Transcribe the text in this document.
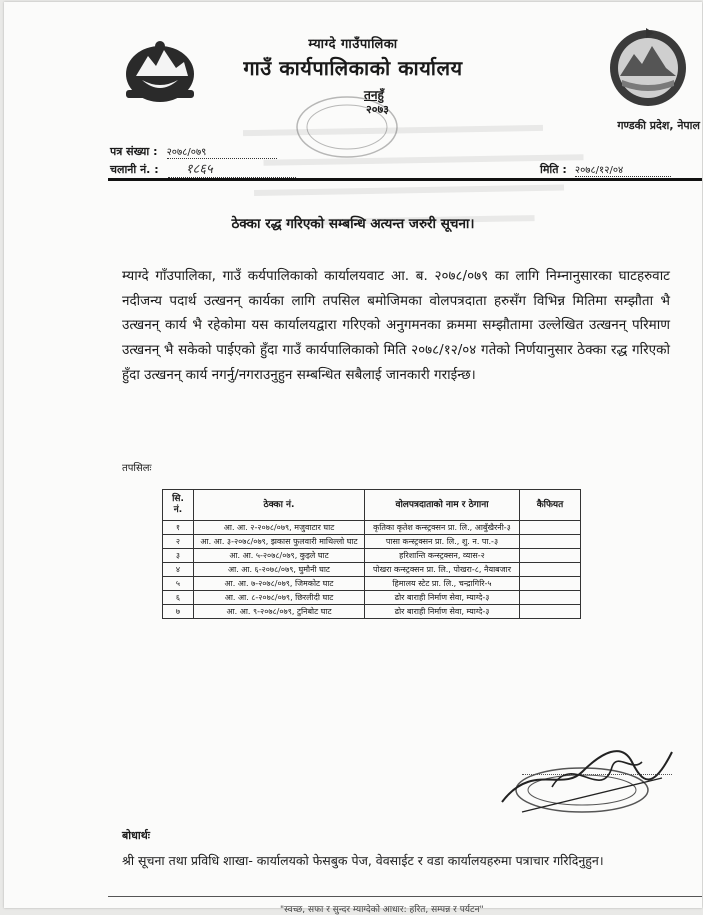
म्याग्दे गाउँपालिका
गाउँ कार्यपालिकाको कार्यालय
तनहुँ
२०७३
गण्डकी प्रदेश, नेपाल
पत्र संख्या : २०७८/०७९
चलानी नं. : १८६५	मिति : २०७८/१२/०४
ठेक्का रद्ध गरिएको सम्बन्धि अत्यन्त जरुरी सूचना।
म्याग्दे गाँउपालिका, गाउँ कर्यपालिकाको कार्यालयवाट आ. ब. २०७८/०७९ का लागि निम्नानुसारका घाटहरुवाट नदीजन्य पदार्थ उत्खनन् कार्यका लागि तपसिल बमोजिमका वोलपत्रदाता हरुसँग विभिन्न मितिमा सम्झौता भै उत्खनन् कार्य भै रहेकोमा यस कार्यालयद्वारा गरिएको अनुगमनका क्रममा सम्झौतामा उल्लेखित उत्खनन् परिमाण उत्खनन् भै सकेको पाईएको हुँदा गाउँ कार्यपालिकाको मिति २०७८/१२/०४ गतेको निर्णयानुसार ठेक्का रद्ध गरिएको हुँदा उत्खनन् कार्य नगर्नु/नगराउनुहुन सम्बन्धित सबैलाई जानकारी गराईन्छ।
तपसिलः
सि. नं.	ठेक्का नं.	वोलपत्रदाताको नाम र ठेगाना	कैफियत
१	आ. आ. २-२०७८/०७९, मजुवाटार घाट	कृतिका कृतेश कन्स्ट्रक्सन प्रा. लि., आबुँखैरनी-३	
२	आ. आ. ३-२०७८/०७९, झकास फुलवारी माथिल्लो घाट	पासा कन्स्ट्रक्सन प्रा. लि., शु. न. पा.-३	
३	आ. आ. ५-२०७८/०७९, कुइले घाट	हरिशान्ति कन्स्ट्रक्सन, व्यास-२	
४	आ. आ. ६-२०७८/०७९, घुमौनी घाट	पोखरा कन्स्ट्रक्सन प्रा. लि., पोखरा-८, नैयाबजार	
५	आ. आ. ७-२०७८/०७९, जिमकोट घाट	हिमालय स्टेट प्रा. लि., चन्द्रागिरि-५	
६	आ. आ. ८-२०७८/०७९, छिरलीदी घाट	ढोर बाराही निर्माण सेवा, म्याग्दे-३	
७	आ. आ. ९-२०७८/०७९, टुनिबोट घाट	ढोर बाराही निर्माण सेवा, म्याग्दे-३	
बोधार्थः
श्री सूचना तथा प्रविधि शाखा- कार्यालयको फेसबुक पेज, वेवसाईट र वडा कार्यालयहरुमा पत्राचार गरिदिनुहुन।
"स्वच्छ, सफा र सुन्दर म्याग्देको आधार: हरित, सम्पन्न र पर्यटन"
